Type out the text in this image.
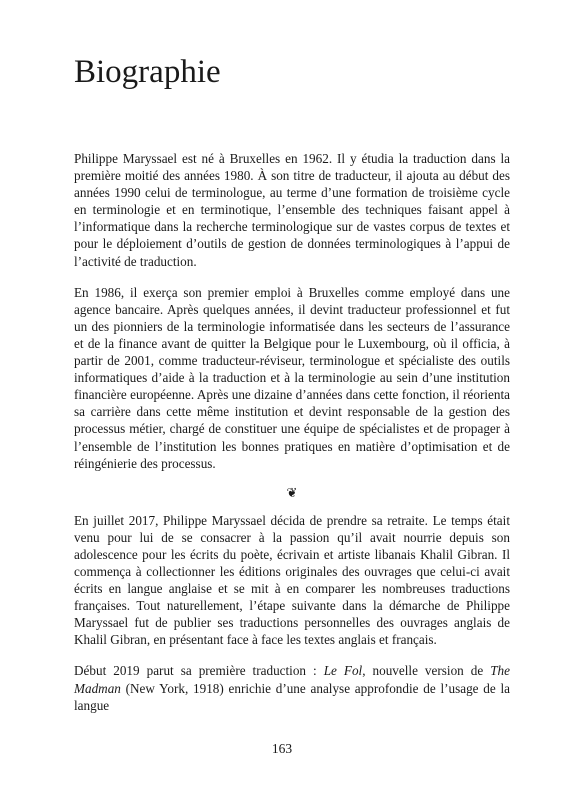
Biographie

Philippe Maryssael est né à Bruxelles en 1962. Il y étudia la traduction dans la première moitié des années 1980. À son titre de traducteur, il ajouta au début des années 1990 celui de terminologue, au terme d’une formation de troisième cycle en terminologie et en terminotique, l’ensemble des techniques faisant appel à l’informatique dans la recherche terminologique sur de vastes corpus de textes et pour le déploiement d’outils de gestion de données terminologiques à l’appui de l’activité de traduction.

En 1986, il exerça son premier emploi à Bruxelles comme employé dans une agence bancaire. Après quelques années, il devint traducteur professionnel et fut un des pionniers de la terminologie informatisée dans les secteurs de l’assurance et de la finance avant de quitter la Belgique pour le Luxembourg, où il officia, à partir de 2001, comme traducteur-réviseur, terminologue et spécialiste des outils informatiques d’aide à la traduction et à la terminologie au sein d’une institution financière européenne. Après une dizaine d’années dans cette fonction, il réorienta sa carrière dans cette même institution et devint responsable de la gestion des processus métier, chargé de constituer une équipe de spécialistes et de propager à l’ensemble de l’institution les bonnes pratiques en matière d’optimisation et de réingénierie des processus.

❦

En juillet 2017, Philippe Maryssael décida de prendre sa retraite. Le temps était venu pour lui de se consacrer à la passion qu’il avait nourrie depuis son adolescence pour les écrits du poète, écrivain et artiste libanais Khalil Gibran. Il commença à collectionner les éditions originales des ouvrages que celui-ci avait écrits en langue anglaise et se mit à en comparer les nombreuses traductions françaises. Tout naturellement, l’étape suivante dans la démarche de Philippe Maryssael fut de publier ses traductions personnelles des ouvrages anglais de Khalil Gibran, en présentant face à face les textes anglais et français.

Début 2019 parut sa première traduction : Le Fol, nouvelle version de The Madman (New York, 1918) enrichie d’une analyse approfondie de l’usage de la langue

163
